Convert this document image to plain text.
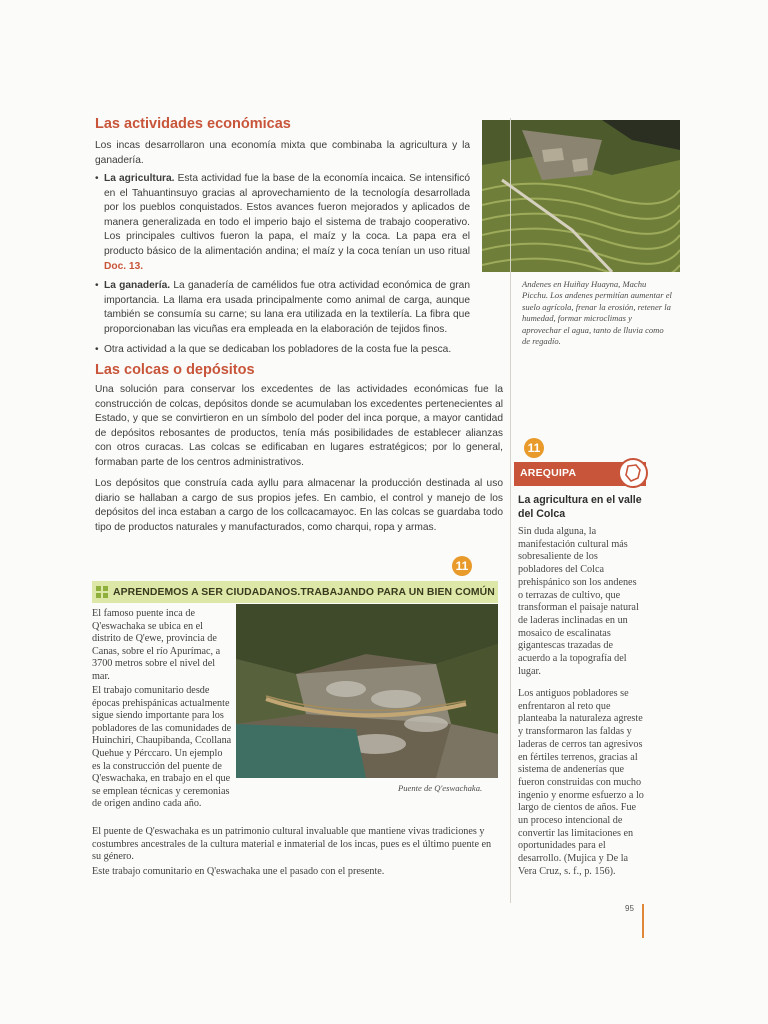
Las actividades económicas
Los incas desarrollaron una economía mixta que combinaba la agricultura y la ganadería.
• La agricultura. Esta actividad fue la base de la economía incaica. Se intensificó en el Tahuantinsuyo gracias al aprovechamiento de la tecnología desarrollada por los pueblos conquistados. Estos avances fueron mejorados y aplicados de manera generalizada en todo el imperio bajo el sistema de trabajo cooperativo. Los principales cultivos fueron la papa, el maíz y la coca. La papa era el producto básico de la alimentación andina; el maíz y la coca tenían un uso ritual Doc. 13.
• La ganadería. La ganadería de camélidos fue otra actividad económica de gran importancia. La llama era usada principalmente como animal de carga, aunque también se consumía su carne; su lana era utilizada en la textilería. La fibra que proporcionaban las vicuñas era empleada en la elaboración de tejidos finos.
• Otra actividad a la que se dedicaban los pobladores de la costa fue la pesca.
Andenes en Huiñay Huayna, Machu Picchu. Los andenes permitían aumentar el suelo agrícola, frenar la erosión, retener la humedad, formar microclimas y aprovechar el agua, tanto de lluvia como de regadío.
Las colcas o depósitos
Una solución para conservar los excedentes de las actividades económicas fue la construcción de colcas, depósitos donde se acumulaban los excedentes pertenecientes al Estado, y que se convirtieron en un símbolo del poder del inca porque, a mayor cantidad de depósitos rebosantes de productos, tenía más posibilidades de establecer alianzas con otros curacas. Las colcas se edificaban en lugares estratégicos; por lo general, formaban parte de los centros administrativos.
Los depósitos que construía cada ayllu para almacenar la producción destinada al uso diario se hallaban a cargo de sus propios jefes. En cambio, el control y manejo de los depósitos del inca estaban a cargo de los collcacamayoc. En las colcas se guardaba todo tipo de productos naturales y manufacturados, como charqui, ropa y armas.
11
APRENDEMOS A SER CIUDADANOS.TRABAJANDO PARA UN BIEN COMÚN
El famoso puente inca de Q'eswachaka se ubica en el distrito de Q'ewe, provincia de Canas, sobre el río Apurímac, a 3700 metros sobre el nivel del mar.
El trabajo comunitario desde épocas prehispánicas actualmente sigue siendo importante para los pobladores de las comunidades de Huinchiri, Chaupibanda, Ccollana Quehue y Pérccaro. Un ejemplo es la construcción del puente de Q'eswachaka, en trabajo en el que se emplean técnicas y ceremonias de origen andino cada año.
Puente de Q'eswachaka.
El puente de Q'eswachaka es un patrimonio cultural invaluable que mantiene vivas tradiciones y costumbres ancestrales de la cultura material e inmaterial de los incas, pues es el último puente en su género.
Este trabajo comunitario en Q'eswachaka une el pasado con el presente.
11
AREQUIPA
La agricultura en el valle del Colca
Sin duda alguna, la manifestación cultural más sobresaliente de los pobladores del Colca prehispánico son los andenes o terrazas de cultivo, que transforman el paisaje natural de laderas inclinadas en un mosaico de escalinatas gigantescas trazadas de acuerdo a la topografía del lugar.
Los antiguos pobladores se enfrentaron al reto que planteaba la naturaleza agreste y transformaron las faldas y laderas de cerros tan agresivos en fértiles terrenos, gracias al sistema de andenerías que fueron construidas con mucho ingenio y enorme esfuerzo a lo largo de cientos de años. Fue un proceso intencional de convertir las limitaciones en oportunidades para el desarrollo. (Mujica y De la Vera Cruz, s. f., p. 156).
95
